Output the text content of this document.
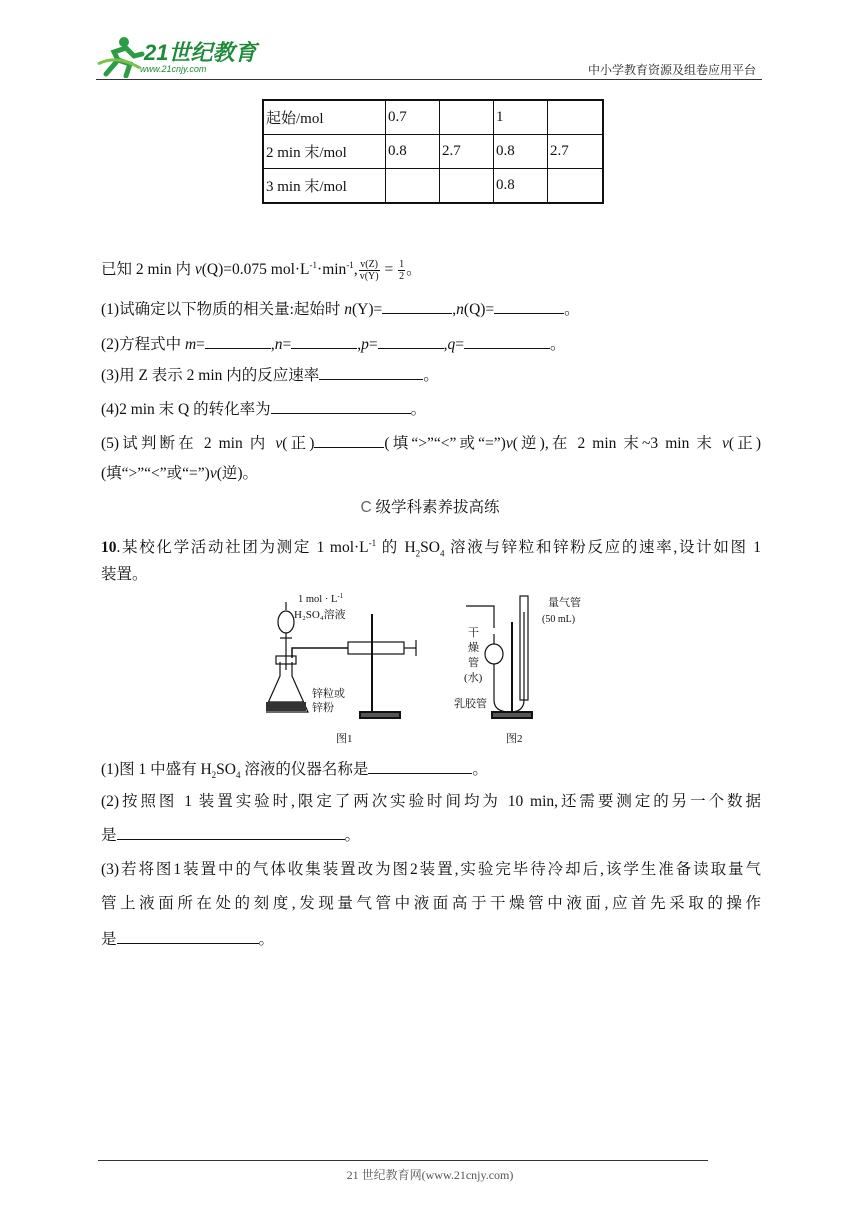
21世纪教育
www.21cnjy.com	中小学教育资源及组卷应用平台
起始/mol	0.7		1	
2 min 末/mol	0.8	2.7	0.8	2.7
3 min 末/mol			0.8	
已知 2 min 内 v(Q)=0.075 $mol\cdot L^{-1}\cdot\min^{-1}$, $\frac{v(Z)}{v(Y)} = \frac{1}{2}$ 。
(1)试确定以下物质的相关量:起始时 n(Y)=	,n(Q)=	。
(2)方程式中 m=	,n=	,p=	,q=	。
(3)用 Z 表示 2 min 内的反应速率	。
(4)2 min 末 Q 的转化率为	。
(5)试判断在 2 min 内 v(正)	(填“>”“<”或“=”)v(逆),在 2 min 末~3 min 末 v(正)
(填“>”“<”或“=”)v(逆)。
C 级学科素养拔高练
10.某校化学活动社团为测定 1 $mol\cdot L^{-1}$ 的 $H_2SO_4$ 溶液与锌粒和锌粉反应的速率,设计如图 1
装置。
1 mol · $L^{-1}$
H₂SO₄溶液
锌粒或
锌粉
图1
量气管
(50 mL)
干
燥
管
(水)
乳胶管
图2
(1)图 1 中盛有 $H_2SO_4$ 溶液的仪器名称是	。
(2)按照图 1 装置实验时,限定了两次实验时间均为 10 min,还需要测定的另一个数据
是	。
(3)若将图1装置中的气体收集装置改为图2装置,实验完毕待冷却后,该学生准备读取量气
管上液面所在处的刻度,发现量气管中液面高于干燥管中液面,应首先采取的操作
是	。
21 世纪教育网(www.21cnjy.com)
